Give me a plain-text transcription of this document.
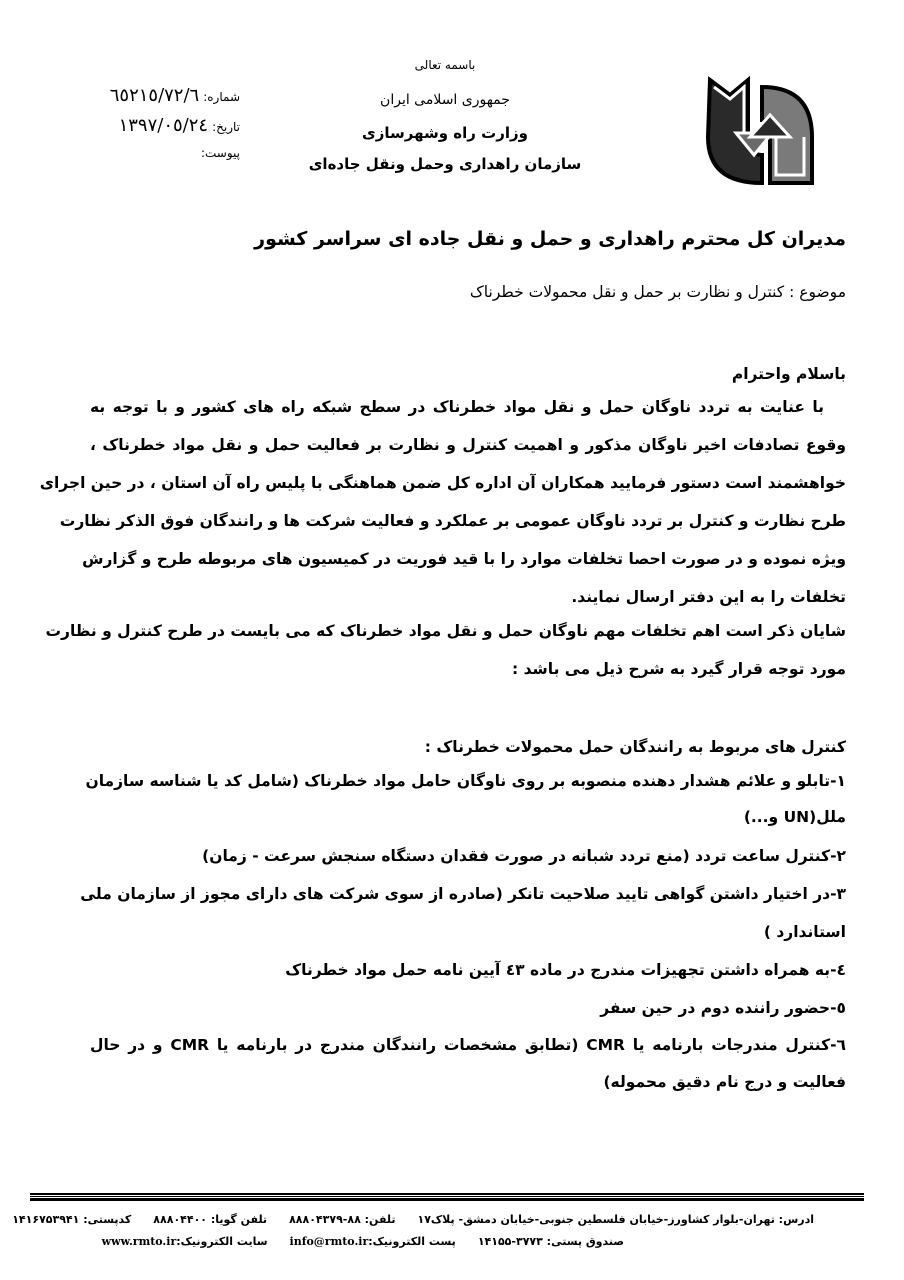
باسمه تعالی
جمهوری اسلامی ایران
وزارت راه وشهرسازی
سازمان راهداری وحمل ونقل جاده‌ای
شماره:
٦٥٢١٥/٧٢/٦
تاریخ:
١٣٩٧/٠٥/٢٤
پیوست:
مدیران کل محترم راهداری و حمل و نقل جاده ای سراسر کشور
موضوع : کنترل و نظارت بر حمل و نقل محمولات خطرناک
باسلام واحترام
با عنایت به تردد ناوگان حمل و نقل مواد خطرناک در سطح شبکه راه های کشور و با توجه به
وقوع تصادفات اخیر ناوگان مذکور و اهمیت کنترل و نظارت بر فعالیت حمل و نقل مواد خطرناک ،
خواهشمند است دستور فرمایید همکاران آن اداره کل ضمن هماهنگی با پلیس راه آن استان ، در حین اجرای
طرح نظارت و کنترل بر تردد ناوگان عمومی بر عملکرد و فعالیت شرکت ها و رانندگان فوق الذکر نظارت
ویژه نموده و در صورت احصا تخلفات موارد را با قید فوریت در کمیسیون های مربوطه طرح و گزارش
تخلفات را به این دفتر ارسال نمایند.
شایان ذکر است اهم تخلفات مهم ناوگان حمل و نقل مواد خطرناک که می بایست در طرح کنترل و نظارت
مورد توجه قرار گیرد به شرح ذیل می باشد :
کنترل های مربوط به رانندگان حمل محمولات خطرناک :
١-تابلو و علائم هشدار دهنده منصوبه بر روی ناوگان حامل مواد خطرناک (شامل کد یا شناسه سازمان
ملل(UN و...)
٢-کنترل ساعت تردد (منع تردد شبانه در صورت فقدان دستگاه سنجش سرعت - زمان)
٣-در اختیار داشتن گواهی تایید صلاحیت تانکر (صادره از سوی شرکت های دارای مجوز از سازمان ملی
استاندارد )
٤-به همراه داشتن تجهیزات مندرج در ماده ٤٣ آیین نامه حمل مواد خطرناک
٥-حضور راننده دوم در حین سفر
٦-کنترل مندرجات بارنامه یا CMR (تطابق مشخصات رانندگان مندرج در بارنامه یا CMR و در حال
فعالیت و درج نام دقیق محموله)
ادرس: تهران-بلوار کشاورز-خیابان فلسطین جنوبی-خیابان دمشق- پلاک۱۷
تلفن: ۸۸-۸۸۸۰۴۳۷۹
تلفن گویا: ۸۸۸۰۴۴۰۰
کدپستی: ۱۴۱۶۷۵۳۹۴۱
صندوق پستی: ۳۷۷۳-۱۴۱۵۵
پست الکترونیک:info@rmto.ir
سایت الکترونیک:www.rmto.ir
